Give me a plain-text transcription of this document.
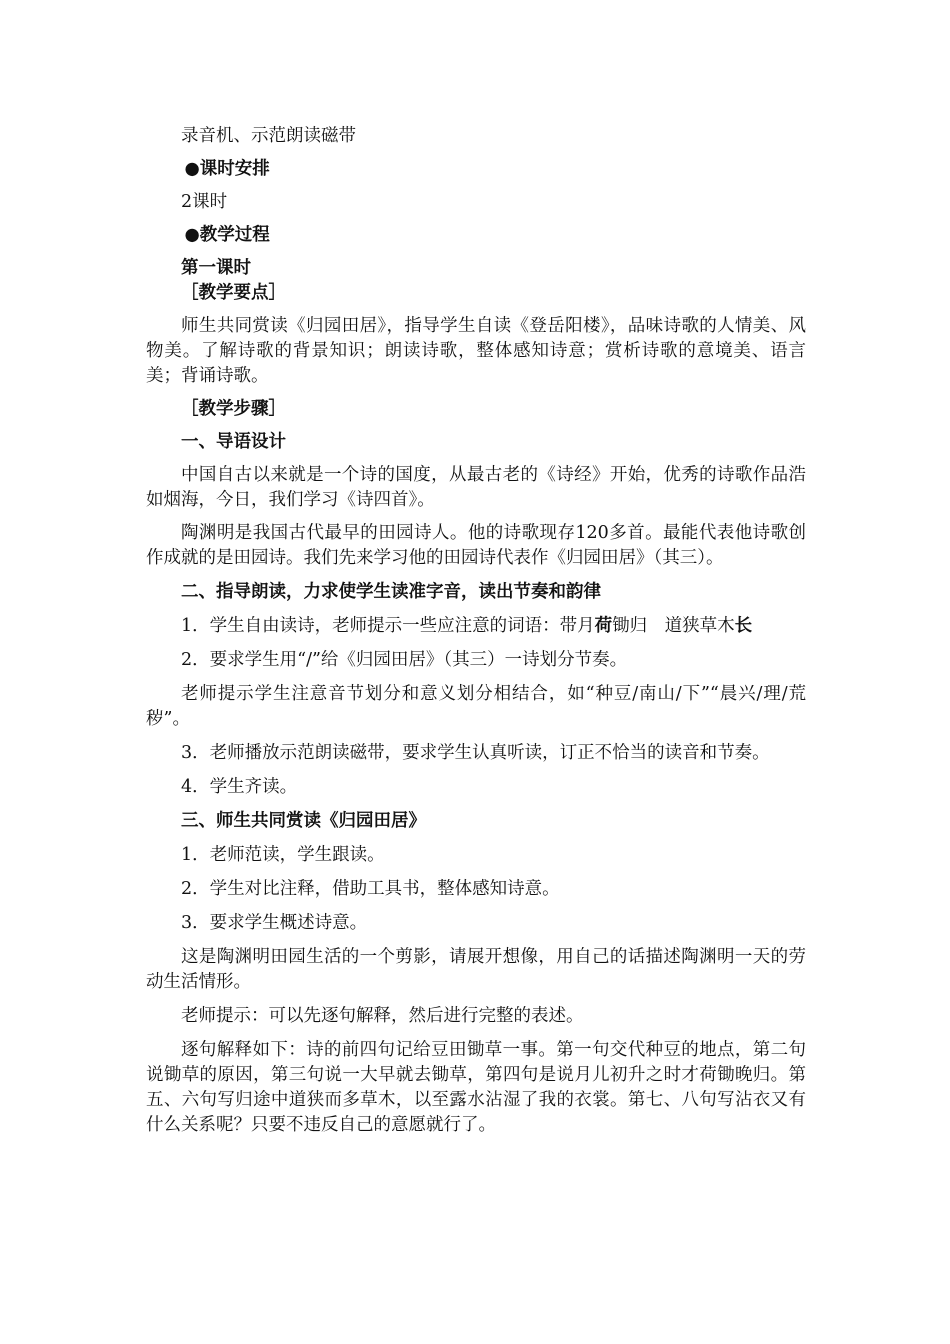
录音机、示范朗读磁带

●课时安排

2课时

●教学过程

第一课时

［教学要点］

师生共同赏读《归园田居》，指导学生自读《登岳阳楼》，品味诗歌的人情美、风物美。了解诗歌的背景知识；朗读诗歌，整体感知诗意；赏析诗歌的意境美、语言美；背诵诗歌。

［教学步骤］

一、导语设计

中国自古以来就是一个诗的国度，从最古老的《诗经》开始，优秀的诗歌作品浩如烟海，今日，我们学习《诗四首》。

陶渊明是我国古代最早的田园诗人。他的诗歌现存120多首。最能代表他诗歌创作成就的是田园诗。我们先来学习他的田园诗代表作《归园田居》（其三）。

二、指导朗读，力求使学生读准字音，读出节奏和韵律

1．学生自由读诗，老师提示一些应注意的词语：带月荷锄归　道狭草木长

2．要求学生用“/”给《归园田居》（其三）一诗划分节奏。

老师提示学生注意音节划分和意义划分相结合，如“种豆/南山/下”“晨兴/理/荒秽”。

3．老师播放示范朗读磁带，要求学生认真听读，订正不恰当的读音和节奏。

4．学生齐读。

三、师生共同赏读《归园田居》

1．老师范读，学生跟读。

2．学生对比注释，借助工具书，整体感知诗意。

3．要求学生概述诗意。

这是陶渊明田园生活的一个剪影，请展开想像，用自己的话描述陶渊明一天的劳动生活情形。

老师提示：可以先逐句解释，然后进行完整的表述。

逐句解释如下：诗的前四句记给豆田锄草一事。第一句交代种豆的地点，第二句说锄草的原因，第三句说一大早就去锄草，第四句是说月儿初升之时才荷锄晚归。第五、六句写归途中道狭而多草木，以至露水沾湿了我的衣裳。第七、八句写沾衣又有什么关系呢？只要不违反自己的意愿就行了。
